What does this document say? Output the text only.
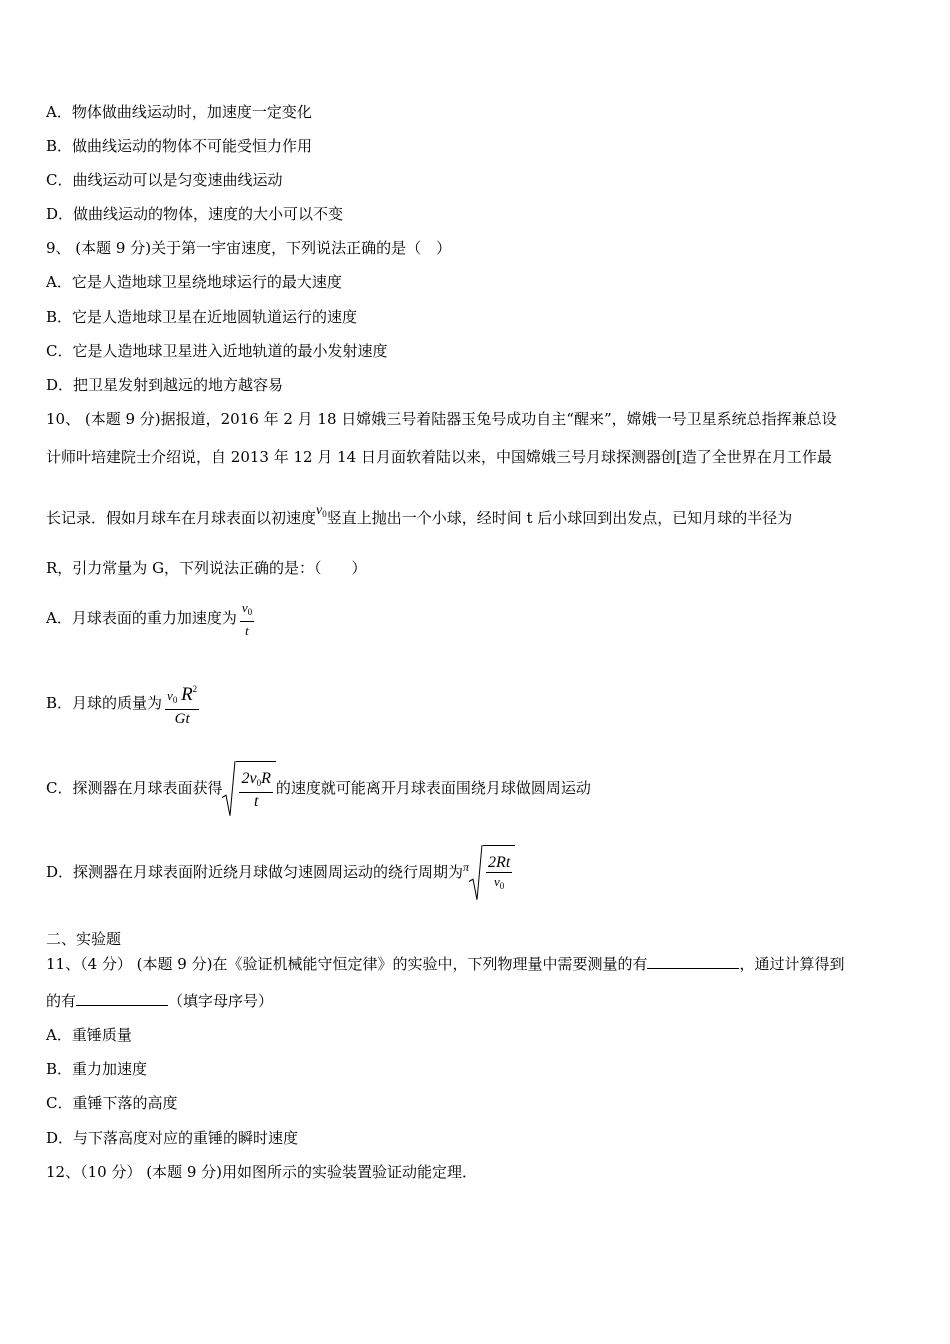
A．物体做曲线运动时，加速度一定变化
B．做曲线运动的物体不可能受恒力作用
C．曲线运动可以是匀变速曲线运动
D．做曲线运动的物体，速度的大小可以不变
9、 (本题 9 分)关于第一宇宙速度，下列说法正确的是（　）
A．它是人造地球卫星绕地球运行的最大速度
B．它是人造地球卫星在近地圆轨道运行的速度
C．它是人造地球卫星进入近地轨道的最小发射速度
D．把卫星发射到越远的地方越容易
10、 (本题 9 分)据报道，2016 年 2 月 18 日嫦娥三号着陆器玉兔号成功自主“醒来”，嫦娥一号卫星系统总指挥兼总设
计师叶培建院士介绍说，自 2013 年 12 月 14 日月面软着陆以来，中国嫦娥三号月球探测器创[造了全世界在月工作最
长记录．假如月球车在月球表面以初速度$v_0$竖直上抛出一个小球，经时间 t 后小球回到出发点，已知月球的半径为
R，引力常量为 G，下列说法正确的是：（　　）
A．月球表面的重力加速度为 $\frac{v_0}{t}$
B．月球的质量为 $\frac{v_0 R^2}{Gt}$
C．探测器在月球表面获得 $\frac{2v_0R}{t}$ 的速度就可能离开月球表面围绕月球做圆周运动
D．探测器在月球表面附近绕月球做匀速圆周运动的绕行周期为$^\pi \frac{2Rt}{v_0}$
二、实验题
11、（4 分） (本题 9 分)在《验证机械能守恒定律》的实验中，下列物理量中需要测量的有	，通过计算得到
的有	（填字母序号）
A．重锤质量
B．重力加速度
C．重锤下落的高度
D．与下落高度对应的重锤的瞬时速度
12、（10 分） (本题 9 分)用如图所示的实验装置验证动能定理．
